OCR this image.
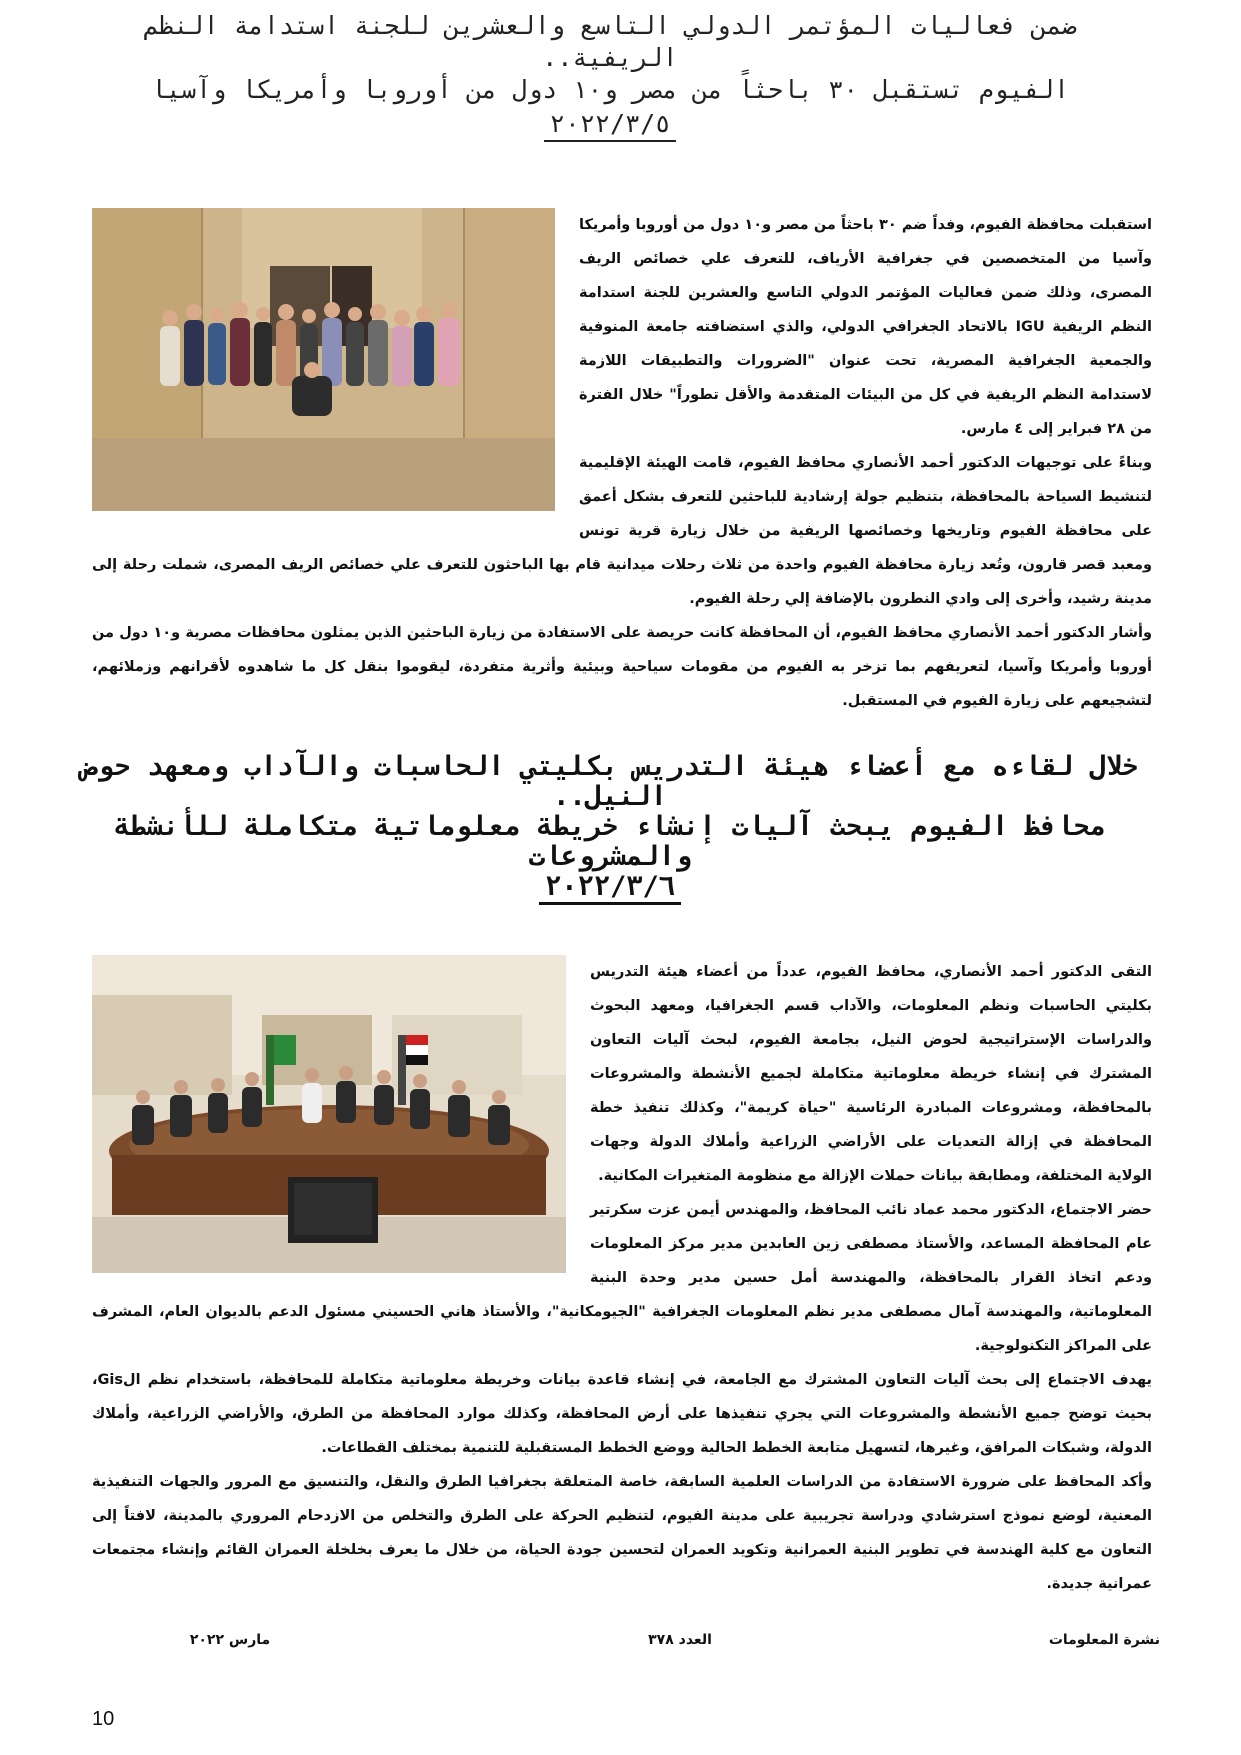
ضمن فعاليات المؤتمر الدولي التاسع والعشرين للجنة استدامة النظم الريفية..
الفيوم تستقبل ٣٠ باحثاً من مصر و١٠ دول من أوروبا وأمريكا وآسيا
٢٠٢٢/٣/٥

استقبلت محافظة الفيوم، وفداً ضم ٣٠ باحثاً من مصر و١٠ دول من أوروبا وأمريكا وآسيا من المتخصصين في جغرافية الأرياف، للتعرف علي خصائص الريف المصرى، وذلك ضمن فعاليات المؤتمر الدولي التاسع والعشرين للجنة استدامة النظم الريفية IGU بالاتحاد الجغرافي الدولي، والذي استضافته جامعة المنوفية والجمعية الجغرافية المصرية، تحت عنوان "الضرورات والتطبيقات اللازمة لاستدامة النظم الريفية في كل من البيئات المتقدمة والأقل تطوراً" خلال الفترة من ٢٨ فبراير إلى ٤ مارس.

وبناءً على توجيهات الدكتور أحمد الأنصاري محافظ الفيوم، قامت الهيئة الإقليمية لتنشيط السياحة بالمحافظة، بتنظيم جولة إرشادية للباحثين للتعرف بشكل أعمق على محافظة الفيوم وتاريخها وخصائصها الريفية من خلال زيارة قرية تونس ومعبد قصر قارون، وتُعد زيارة محافظة الفيوم واحدة من ثلاث رحلات ميدانية قام بها الباحثون للتعرف علي خصائص الريف المصرى، شملت رحلة إلى مدينة رشيد، وأخرى إلى وادي النطرون بالإضافة إلي رحلة الفيوم.

وأشار الدكتور أحمد الأنصاري محافظ الفيوم، أن المحافظة كانت حريصة على الاستفادة من زيارة الباحثين الذين يمثلون محافظات مصرية و١٠ دول من أوروبا وأمريكا وآسيا، لتعريفهم بما تزخر به الفيوم من مقومات سياحية وبيئية وأثرية متفردة، ليقوموا بنقل كل ما شاهدوه لأقرانهم وزملائهم، لتشجيعهم على زيارة الفيوم في المستقبل.

خلال لقاءه مع أعضاء هيئة التدريس بكليتي الحاسبات والآداب ومعهد حوض النيل..
محافظ الفيوم يبحث آليات إنشاء خريطة معلوماتية متكاملة للأنشطة والمشروعات
٢٠٢٢/٣/٦

التقى الدكتور أحمد الأنصاري، محافظ الفيوم، عدداً من أعضاء هيئة التدريس بكليتي الحاسبات ونظم المعلومات، والآداب قسم الجغرافيا، ومعهد البحوث والدراسات الإستراتيجية لحوض النيل، بجامعة الفيوم، لبحث آليات التعاون المشترك في إنشاء خريطة معلوماتية متكاملة لجميع الأنشطة والمشروعات بالمحافظة، ومشروعات المبادرة الرئاسية "حياة كريمة"، وكذلك تنفيذ خطة المحافظة في إزالة التعديات على الأراضي الزراعية وأملاك الدولة وجهات الولاية المختلفة، ومطابقة بيانات حملات الإزالة مع منظومة المتغيرات المكانية.

حضر الاجتماع، الدكتور محمد عماد نائب المحافظ، والمهندس أيمن عزت سكرتير عام المحافظة المساعد، والأستاذ مصطفى زين العابدين مدير مركز المعلومات ودعم اتخاذ القرار بالمحافظة، والمهندسة أمل حسين مدير وحدة البنية المعلوماتية، والمهندسة آمال مصطفى مدير نظم المعلومات الجغرافية "الجيومكانية"، والأستاذ هاني الحسيني مسئول الدعم بالديوان العام، المشرف على المراكز التكنولوجية.

يهدف الاجتماع إلى بحث آليات التعاون المشترك مع الجامعة، في إنشاء قاعدة بيانات وخريطة معلوماتية متكاملة للمحافظة، باستخدام نظم الGis، بحيث توضح جميع الأنشطة والمشروعات التي يجري تنفيذها على أرض المحافظة، وكذلك موارد المحافظة من الطرق، والأراضي الزراعية، وأملاك الدولة، وشبكات المرافق، وغيرها، لتسهيل متابعة الخطط الحالية ووضع الخطط المستقبلية للتنمية بمختلف القطاعات.

وأكد المحافظ على ضرورة الاستفادة من الدراسات العلمية السابقة، خاصة المتعلقة بجغرافيا الطرق والنقل، والتنسيق مع المرور والجهات التنفيذية المعنية، لوضع نموذج استرشادي ودراسة تجريبية على مدينة الفيوم، لتنظيم الحركة على الطرق والتخلص من الازدحام المروري بالمدينة، لافتاً إلى التعاون مع كلية الهندسة في تطوير البنية العمرانية وتكويد العمران لتحسين جودة الحياة، من خلال ما يعرف بخلخلة العمران القائم وإنشاء مجتمعات عمرانية جديدة.

نشرة المعلومات
العدد ٣٧٨
مارس ٢٠٢٢
10
